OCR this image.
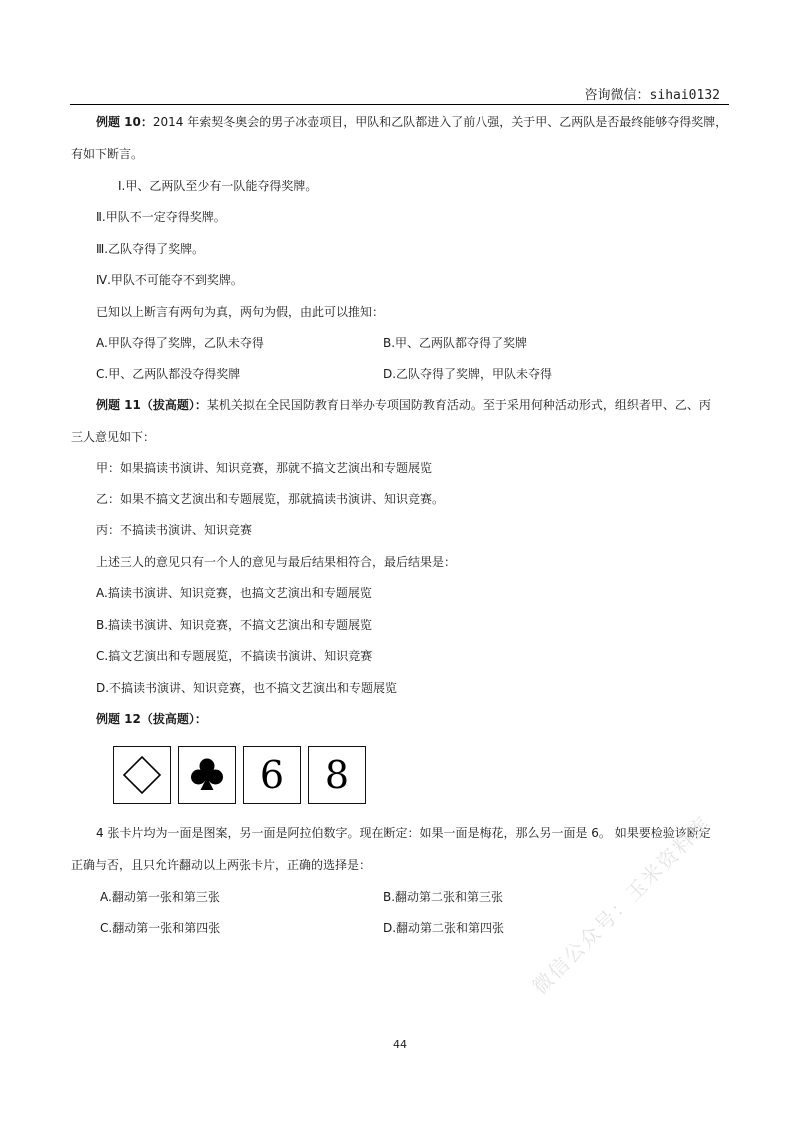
咨询微信：sihai0132
例题 10：2014 年索契冬奥会的男子冰壶项目，甲队和乙队都进入了前八强，关于甲、乙两队是否最终能够夺得奖牌，
有如下断言。
Ⅰ.甲、乙两队至少有一队能夺得奖牌。
Ⅱ.甲队不一定夺得奖牌。
Ⅲ.乙队夺得了奖牌。
Ⅳ.甲队不可能夺不到奖牌。
已知以上断言有两句为真，两句为假，由此可以推知：
A.甲队夺得了奖牌，乙队未夺得	B.甲、乙两队都夺得了奖牌
C.甲、乙两队都没夺得奖牌	D.乙队夺得了奖牌，甲队未夺得
例题 11（拔高题）：某机关拟在全民国防教育日举办专项国防教育活动。至于采用何种活动形式，组织者甲、乙、丙
三人意见如下：
甲：如果搞读书演讲、知识竞赛，那就不搞文艺演出和专题展览
乙：如果不搞文艺演出和专题展览，那就搞读书演讲、知识竞赛。
丙：不搞读书演讲、知识竞赛
上述三人的意见只有一个人的意见与最后结果相符合，最后结果是：
A.搞读书演讲、知识竞赛，也搞文艺演出和专题展览
B.搞读书演讲、知识竞赛，不搞文艺演出和专题展览
C.搞文艺演出和专题展览，不搞读书演讲、知识竞赛
D.不搞读书演讲、知识竞赛，也不搞文艺演出和专题展览
例题 12（拔高题）：
6 8
4 张卡片均为一面是图案，另一面是阿拉伯数字。现在断定：如果一面是梅花，那么另一面是 6。 如果要检验该断定
正确与否，且只允许翻动以上两张卡片，正确的选择是：
A.翻动第一张和第三张	B.翻动第二张和第三张
C.翻动第一张和第四张	D.翻动第二张和第四张 微信公众号：玉米资料库
44
